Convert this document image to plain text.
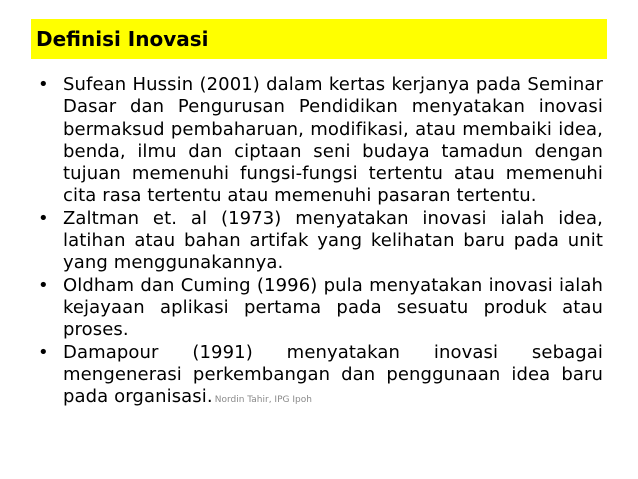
Definisi Inovasi
• Sufean Hussin (2001) dalam kertas kerjanya pada Seminar Dasar dan Pengurusan Pendidikan menyatakan inovasi bermaksud pembaharuan, modifikasi, atau membaiki idea, benda, ilmu dan ciptaan seni budaya tamadun dengan tujuan memenuhi fungsi-fungsi tertentu atau memenuhi cita rasa tertentu atau memenuhi pasaran tertentu.
• Zaltman et. al (1973) menyatakan inovasi ialah idea, latihan atau bahan artifak yang kelihatan baru pada unit yang menggunakannya.
• Oldham dan Cuming (1996) pula menyatakan inovasi ialah kejayaan aplikasi pertama pada sesuatu produk atau proses.
• Damapour (1991) menyatakan inovasi sebagai mengenerasi perkembangan dan penggunaan idea baru pada organisasi. Nordin Tahir, IPG Ipoh
